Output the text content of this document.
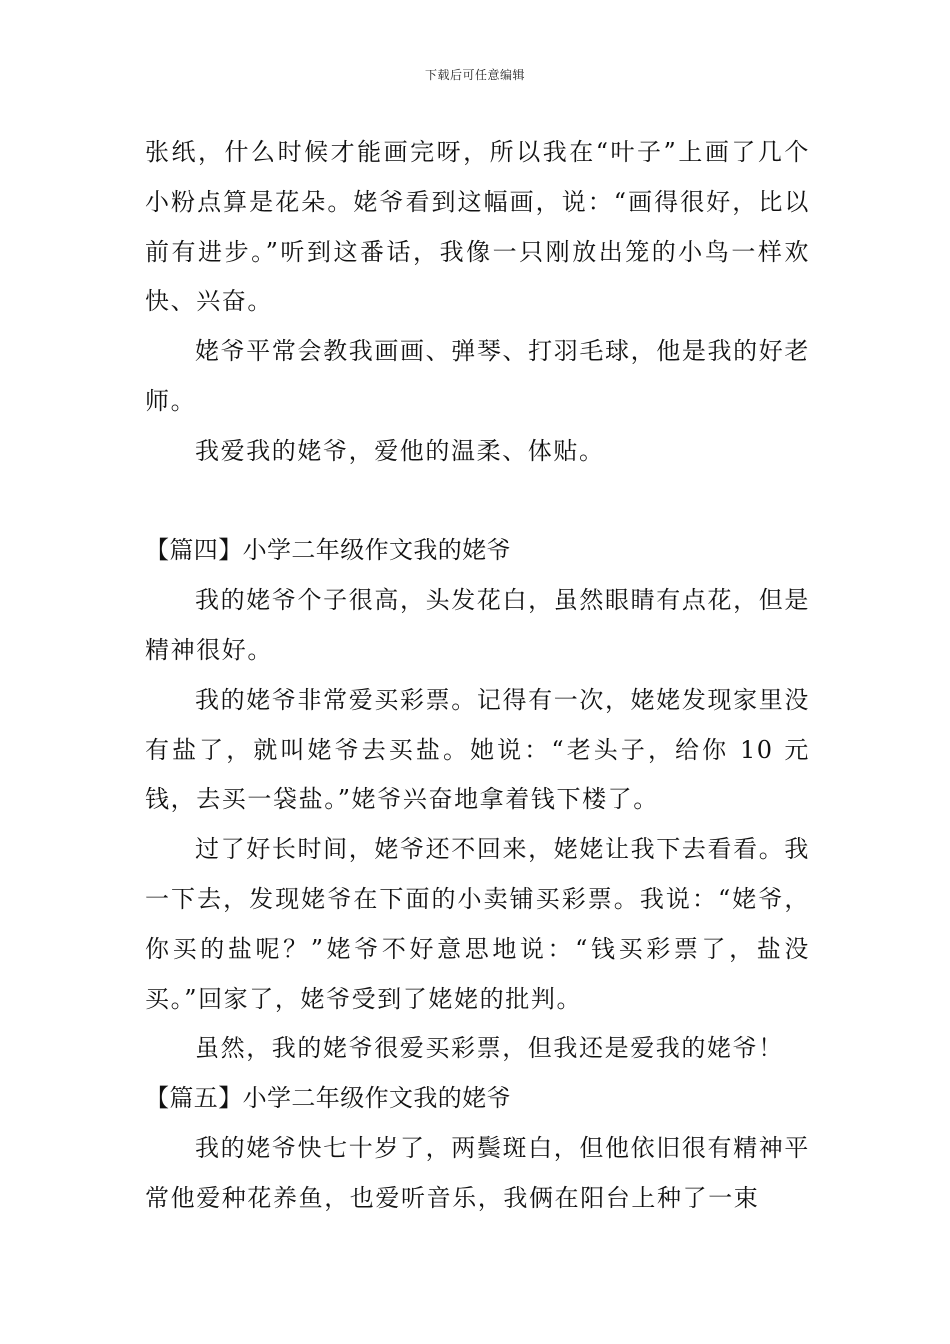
下载后可任意编辑

张纸，什么时候才能画完呀，所以我在“叶子”上画了几个小粉点算是花朵。姥爷看到这幅画，说：“画得很好，比以前有进步。”听到这番话，我像一只刚放出笼的小鸟一样欢快、兴奋。

姥爷平常会教我画画、弹琴、打羽毛球，他是我的好老师。

我爱我的姥爷，爱他的温柔、体贴。

【篇四】小学二年级作文我的姥爷

我的姥爷个子很高，头发花白，虽然眼睛有点花，但是精神很好。

我的姥爷非常爱买彩票。记得有一次，姥姥发现家里没有盐了，就叫姥爷去买盐。她说：“老头子，给你 10 元钱，去买一袋盐。”姥爷兴奋地拿着钱下楼了。

过了好长时间，姥爷还不回来，姥姥让我下去看看。我一下去，发现姥爷在下面的小卖铺买彩票。我说：“姥爷，你买的盐呢？”姥爷不好意思地说：“钱买彩票了，盐没买。”回家了，姥爷受到了姥姥的批判。

虽然，我的姥爷很爱买彩票，但我还是爱我的姥爷！

【篇五】小学二年级作文我的姥爷

我的姥爷快七十岁了，两鬓斑白，但他依旧很有精神平常他爱种花养鱼，也爱听音乐，我俩在阳台上种了一束
